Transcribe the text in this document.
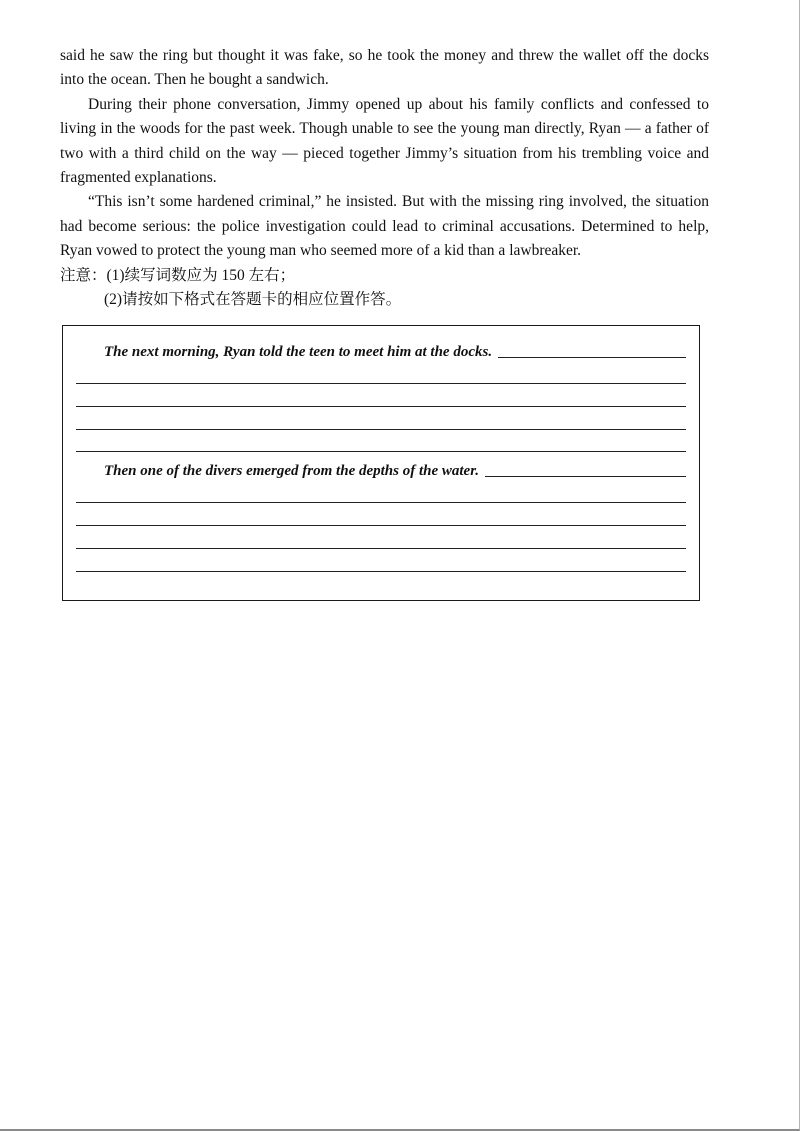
said he saw the ring but thought it was fake, so he took the money and threw the wallet off the docks into the ocean. Then he bought a sandwich.

During their phone conversation, Jimmy opened up about his family conflicts and confessed to living in the woods for the past week. Though unable to see the young man directly, Ryan — a father of two with a third child on the way — pieced together Jimmy’s situation from his trembling voice and fragmented explanations.

“This isn’t some hardened criminal,” he insisted. But with the missing ring involved, the situation had become serious: the police investigation could lead to criminal accusations. Determined to help, Ryan vowed to protect the young man who seemed more of a kid than a lawbreaker.

注意：(1)续写词数应为 150 左右；
(2)请按如下格式在答题卡的相应位置作答。
The next morning, Ryan told the teen to meet him at the docks.
Then one of the divers emerged from the depths of the water.
